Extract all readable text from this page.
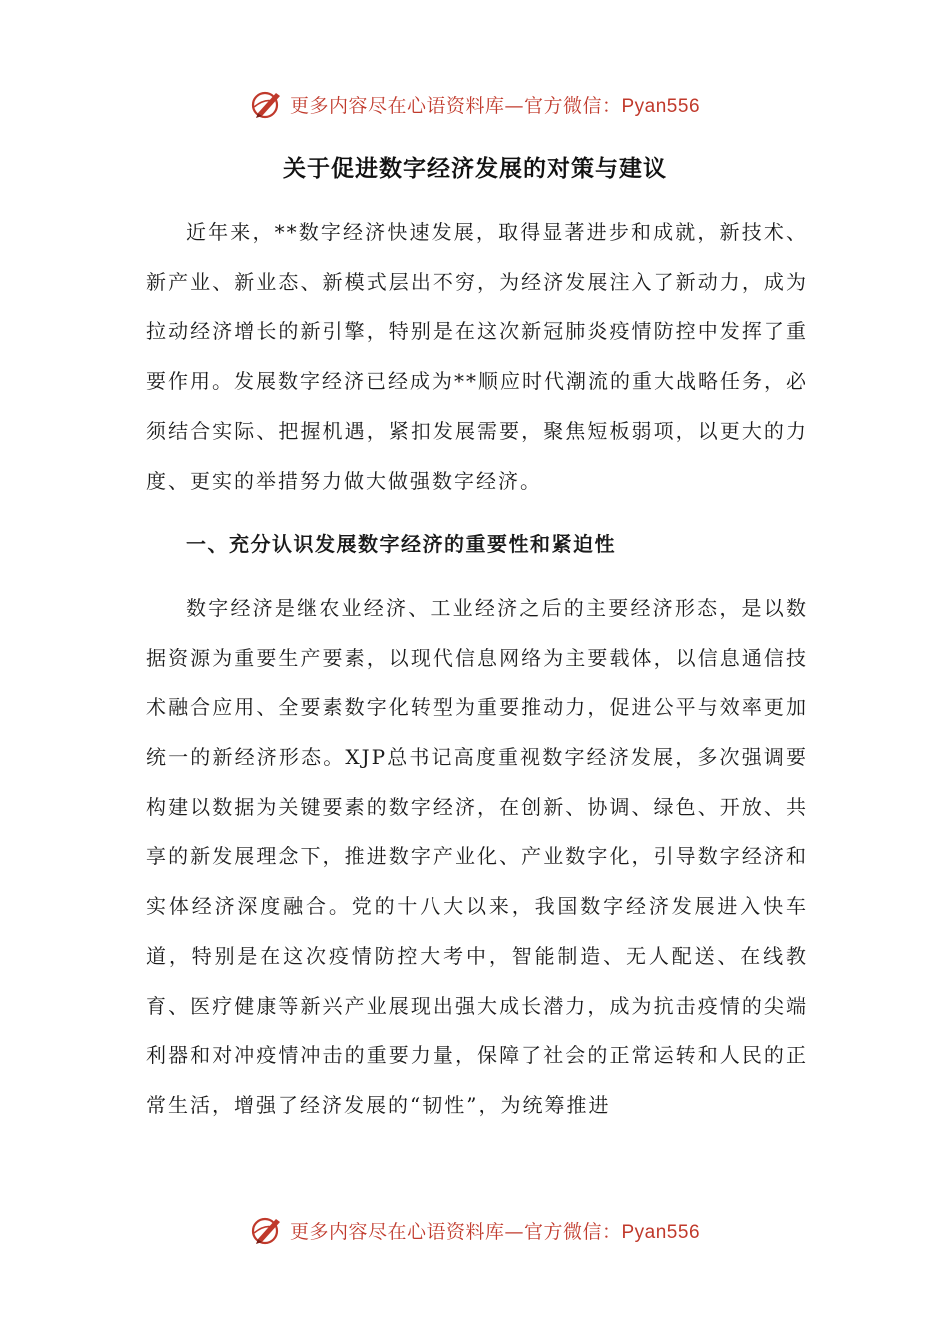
更多内容尽在心语资料库—官方微信：Pyan556
关于促进数字经济发展的对策与建议

近年来，**数字经济快速发展，取得显著进步和成就，新技术、新产业、新业态、新模式层出不穷，为经济发展注入了新动力，成为拉动经济增长的新引擎，特别是在这次新冠肺炎疫情防控中发挥了重要作用。发展数字经济已经成为**顺应时代潮流的重大战略任务，必须结合实际、把握机遇，紧扣发展需要，聚焦短板弱项，以更大的力度、更实的举措努力做大做强数字经济。

一、充分认识发展数字经济的重要性和紧迫性

数字经济是继农业经济、工业经济之后的主要经济形态，是以数据资源为重要生产要素，以现代信息网络为主要载体，以信息通信技术融合应用、全要素数字化转型为重要推动力，促进公平与效率更加统一的新经济形态。XJP总书记高度重视数字经济发展，多次强调要构建以数据为关键要素的数字经济，在创新、协调、绿色、开放、共享的新发展理念下，推进数字产业化、产业数字化，引导数字经济和实体经济深度融合。党的十八大以来，我国数字经济发展进入快车道，特别是在这次疫情防控大考中，智能制造、无人配送、在线教育、医疗健康等新兴产业展现出强大成长潜力，成为抗击疫情的尖端利器和对冲疫情冲击的重要力量，保障了社会的正常运转和人民的正常生活，增强了经济发展的“韧性”，为统筹推进

更多内容尽在心语资料库—官方微信：Pyan556
